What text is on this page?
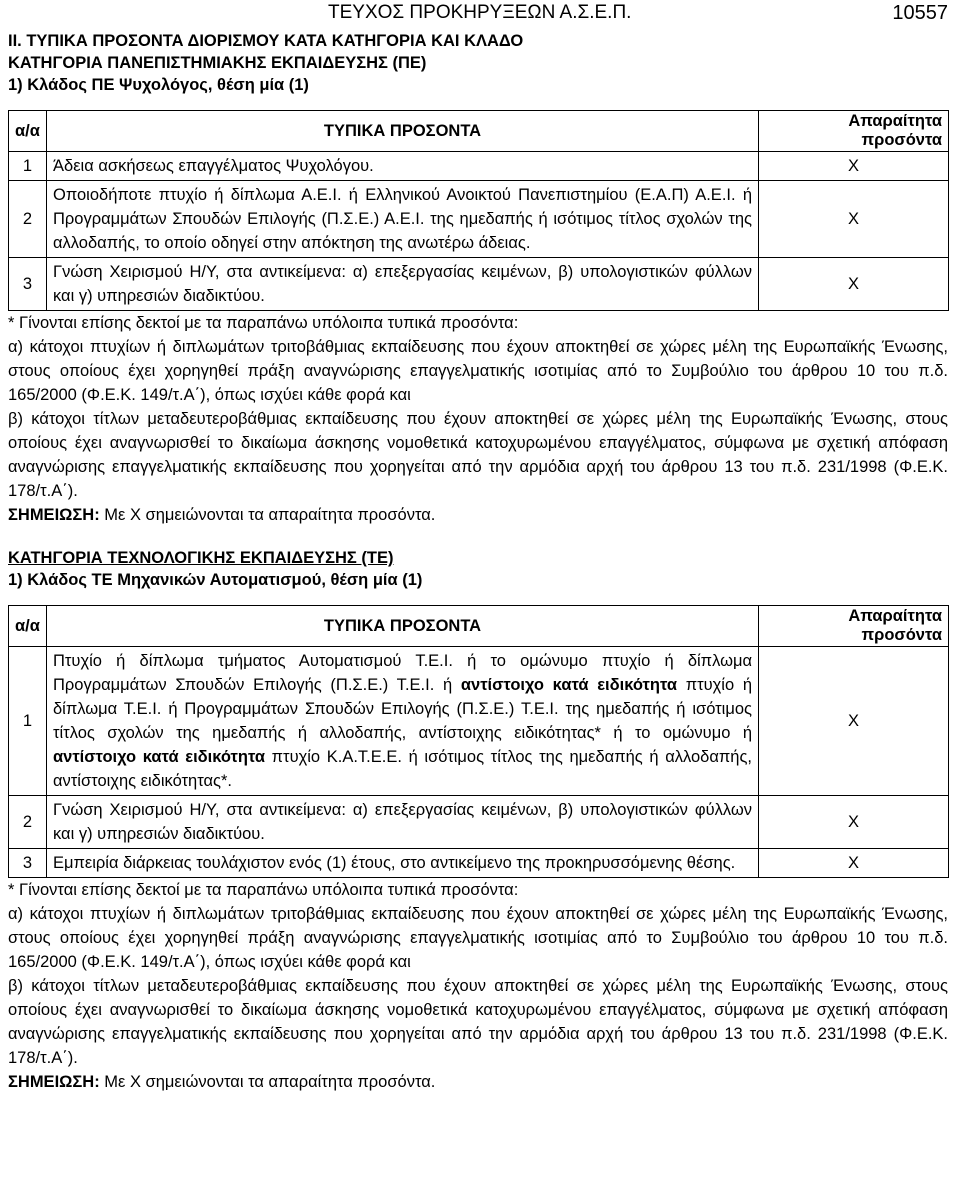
ΤΕΥΧΟΣ ΠΡΟΚΗΡΥΞΕΩΝ Α.Σ.Ε.Π.	10557

II. ΤΥΠΙΚΑ ΠΡΟΣΟΝΤΑ ΔΙΟΡΙΣΜΟΥ ΚΑΤΑ ΚΑΤΗΓΟΡΙΑ ΚΑΙ ΚΛΑΔΟ

ΚΑΤΗΓΟΡΙΑ ΠΑΝΕΠΙΣΤΗΜΙΑΚΗΣ ΕΚΠΑΙΔΕΥΣΗΣ (ΠΕ)

1) Κλάδος ΠΕ Ψυχολόγος, θέση μία (1)

α/α	ΤΥΠΙΚΑ ΠΡΟΣΟΝΤΑ	Απαραίτητα προσόντα
1	Άδεια ασκήσεως επαγγέλματος Ψυχολόγου.	Χ
2	Οποιοδήποτε πτυχίο ή δίπλωμα Α.Ε.Ι. ή Ελληνικού Ανοικτού Πανεπιστημίου (Ε.Α.Π) Α.Ε.Ι. ή Προγραμμάτων Σπουδών Επιλογής (Π.Σ.Ε.) Α.Ε.Ι. της ημεδαπής ή ισότιμος τίτλος σχολών της αλλοδαπής, το οποίο οδηγεί στην απόκτηση της ανωτέρω άδειας.	Χ
3	Γνώση Χειρισμού Η/Υ, στα αντικείμενα: α) επεξεργασίας κειμένων, β) υπολογιστικών φύλλων και γ) υπηρεσιών διαδικτύου.	Χ

* Γίνονται επίσης δεκτοί με τα παραπάνω υπόλοιπα τυπικά προσόντα:

α) κάτοχοι πτυχίων ή διπλωμάτων τριτοβάθμιας εκπαίδευσης που έχουν αποκτηθεί σε χώρες μέλη της Ευρωπαϊκής Ένωσης, στους οποίους έχει χορηγηθεί πράξη αναγνώρισης επαγγελματικής ισοτιμίας από το Συμβούλιο του άρθρου 10 του π.δ. 165/2000 (Φ.Ε.Κ. 149/τ.Α΄), όπως ισχύει κάθε φορά και

β) κάτοχοι τίτλων μεταδευτεροβάθμιας εκπαίδευσης που έχουν αποκτηθεί σε χώρες μέλη της Ευρωπαϊκής Ένωσης, στους οποίους έχει αναγνωρισθεί το δικαίωμα άσκησης νομοθετικά κατοχυρωμένου επαγγέλματος, σύμφωνα με σχετική απόφαση αναγνώρισης επαγγελματικής εκπαίδευσης που χορηγείται από την αρμόδια αρχή του άρθρου 13 του π.δ. 231/1998 (Φ.Ε.Κ. 178/τ.Α΄).

ΣΗΜΕΙΩΣΗ: Με Χ σημειώνονται τα απαραίτητα προσόντα.

ΚΑΤΗΓΟΡΙΑ ΤΕΧΝΟΛΟΓΙΚΗΣ ΕΚΠΑΙΔΕΥΣΗΣ (ΤΕ)

1) Κλάδος ΤΕ Μηχανικών Αυτοματισμού, θέση μία (1)

α/α	ΤΥΠΙΚΑ ΠΡΟΣΟΝΤΑ	Απαραίτητα προσόντα
1	Πτυχίο ή δίπλωμα τμήματος Αυτοματισμού Τ.Ε.Ι. ή το ομώνυμο πτυχίο ή δίπλωμα Προγραμμάτων Σπουδών Επιλογής (Π.Σ.Ε.) Τ.Ε.Ι. ή αντίστοιχο κατά ειδικότητα πτυχίο ή δίπλωμα Τ.Ε.Ι. ή Προγραμμάτων Σπουδών Επιλογής (Π.Σ.Ε.) Τ.Ε.Ι. της ημεδαπής ή ισότιμος τίτλος σχολών της ημεδαπής ή αλλοδαπής, αντίστοιχης ειδικότητας* ή το ομώνυμο ή αντίστοιχο κατά ειδικότητα πτυχίο Κ.Α.Τ.Ε.Ε. ή ισότιμος τίτλος της ημεδαπής ή αλλοδαπής, αντίστοιχης ειδικότητας*.	Χ
2	Γνώση Χειρισμού Η/Υ, στα αντικείμενα: α) επεξεργασίας κειμένων, β) υπολογιστικών φύλλων και γ) υπηρεσιών διαδικτύου.	Χ
3	Εμπειρία διάρκειας τουλάχιστον ενός (1) έτους, στο αντικείμενο της προκηρυσσόμενης θέσης.	Χ

* Γίνονται επίσης δεκτοί με τα παραπάνω υπόλοιπα τυπικά προσόντα:

α) κάτοχοι πτυχίων ή διπλωμάτων τριτοβάθμιας εκπαίδευσης που έχουν αποκτηθεί σε χώρες μέλη της Ευρωπαϊκής Ένωσης, στους οποίους έχει χορηγηθεί πράξη αναγνώρισης επαγγελματικής ισοτιμίας από το Συμβούλιο του άρθρου 10 του π.δ. 165/2000 (Φ.Ε.Κ. 149/τ.Α΄), όπως ισχύει κάθε φορά και

β) κάτοχοι τίτλων μεταδευτεροβάθμιας εκπαίδευσης που έχουν αποκτηθεί σε χώρες μέλη της Ευρωπαϊκής Ένωσης, στους οποίους έχει αναγνωρισθεί το δικαίωμα άσκησης νομοθετικά κατοχυρωμένου επαγγέλματος, σύμφωνα με σχετική απόφαση αναγνώρισης επαγγελματικής εκπαίδευσης που χορηγείται από την αρμόδια αρχή του άρθρου 13 του π.δ. 231/1998 (Φ.Ε.Κ. 178/τ.Α΄).

ΣΗΜΕΙΩΣΗ: Με Χ σημειώνονται τα απαραίτητα προσόντα.
